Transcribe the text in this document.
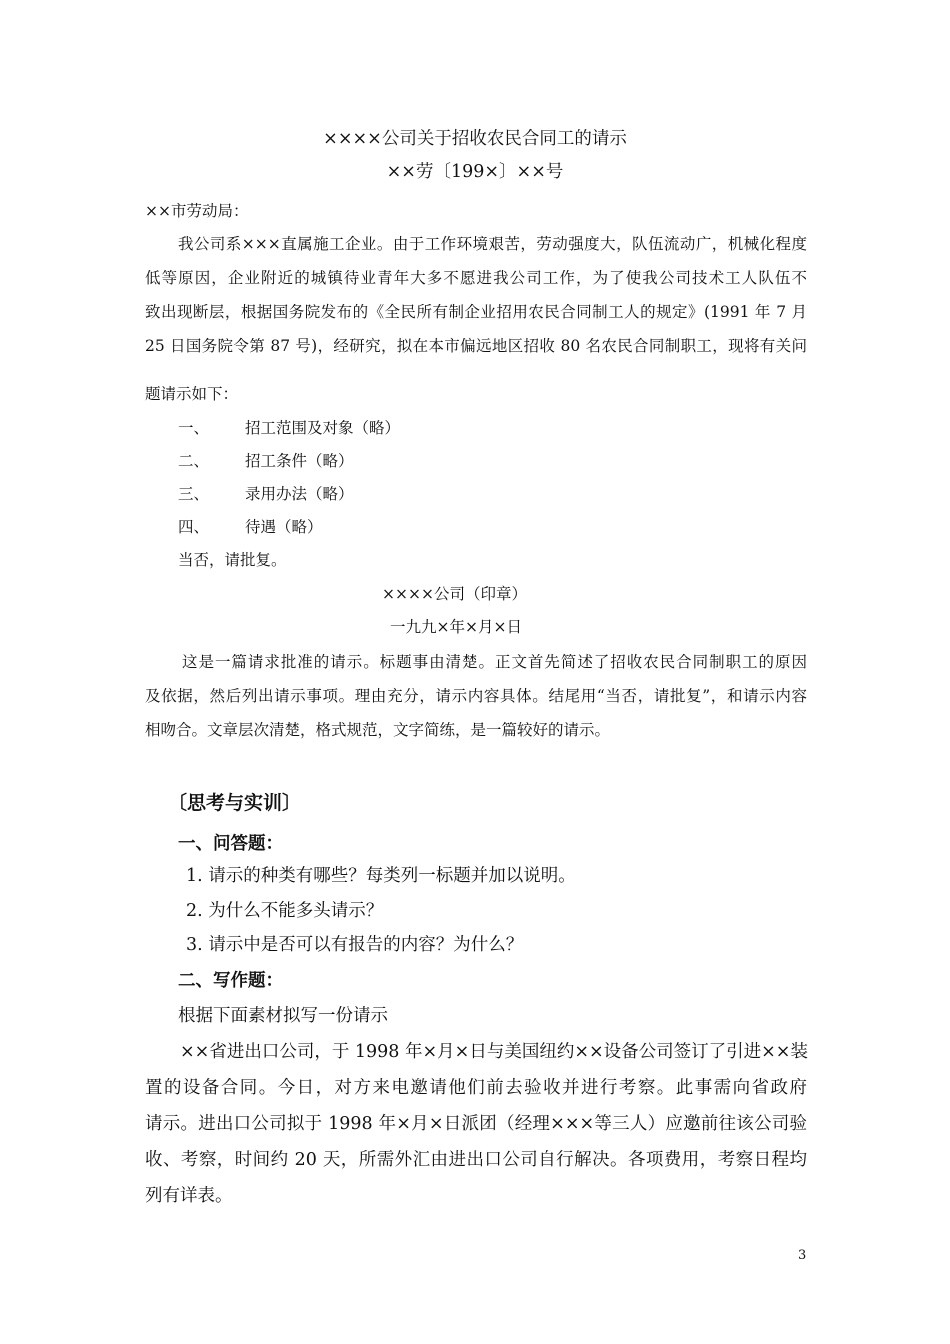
××××公司关于招收农民合同工的请示
××劳〔199×〕××号
××市劳动局：
我公司系×××直属施工企业。由于工作环境艰苦，劳动强度大，队伍流动广，机械化程度
低等原因，企业附近的城镇待业青年大多不愿进我公司工作，为了使我公司技术工人队伍不
致出现断层，根据国务院发布的《全民所有制企业招用农民合同制工人的规定》(1991 年 7 月
25 日国务院令第 87 号)，经研究，拟在本市偏远地区招收 80 名农民合同制职工，现将有关问
题请示如下：
一、	招工范围及对象（略）
二、	招工条件（略）
三、	录用办法（略）
四、	待遇（略）
当否，请批复。
××××公司（印章）
一九九×年×月×日
这是一篇请求批准的请示。标题事由清楚。正文首先简述了招收农民合同制职工的原因
及依据，然后列出请示事项。理由充分，请示内容具体。结尾用“当否，请批复”，和请示内容
相吻合。文章层次清楚，格式规范，文字简练，是一篇较好的请示。
〔思考与实训〕
一、问答题：
1. 请示的种类有哪些？每类列一标题并加以说明。
2. 为什么不能多头请示？
3. 请示中是否可以有报告的内容？为什么？
二、写作题：
根据下面素材拟写一份请示
××省进出口公司，于 1998 年×月×日与美国纽约××设备公司签订了引进××装
置的设备合同。今日，对方来电邀请他们前去验收并进行考察。此事需向省政府
请示。进出口公司拟于 1998 年×月×日派团（经理×××等三人）应邀前往该公司验
收、考察，时间约 20 天，所需外汇由进出口公司自行解决。各项费用，考察日程均
列有详表。
3
